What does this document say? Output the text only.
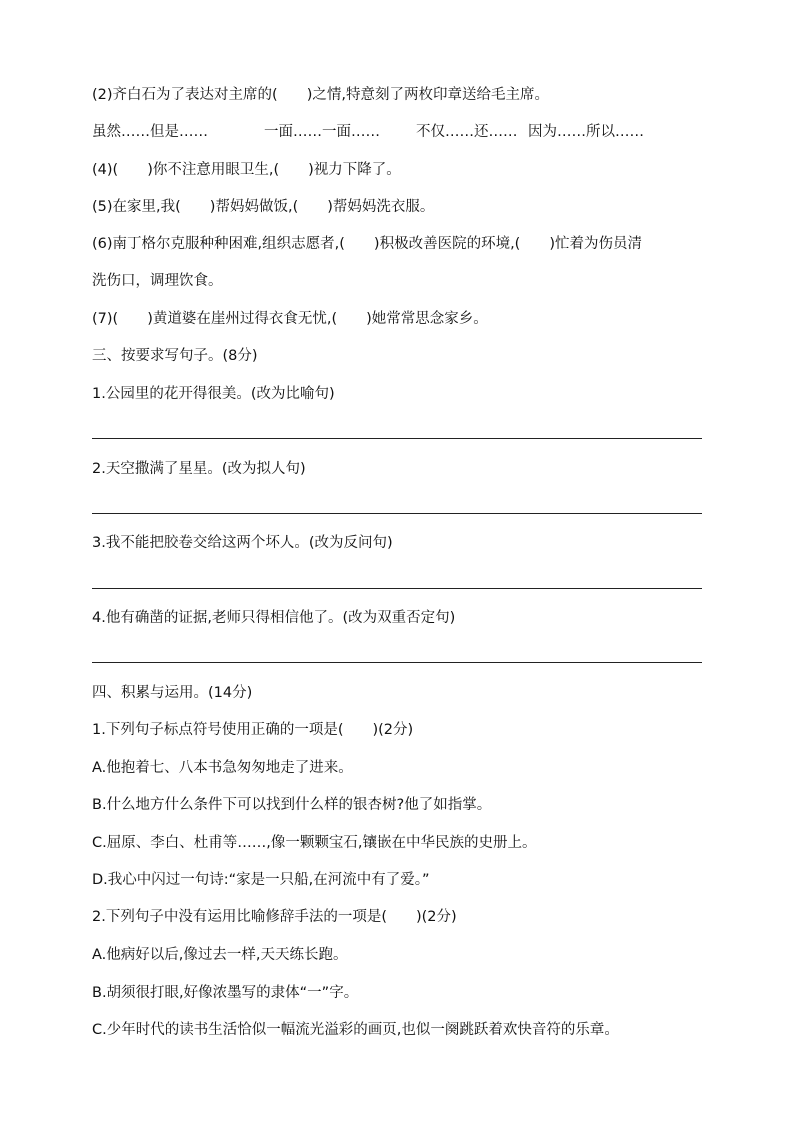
(2)齐白石为了表达对主席的(　　)之情,特意刻了两枚印章送给毛主席。
虽然……但是……	一面……一面…… 不仅……还…… 因为……所以……
(4)(　　)你不注意用眼卫生,(　　)视力下降了。
(5)在家里,我(　　)帮妈妈做饭,(　　)帮妈妈洗衣服。
(6)南丁格尔克服种种困难,组织志愿者,(　　)积极改善医院的环境,(　　)忙着为伤员清
洗伤口，调理饮食。
(7)(　　)黄道婆在崖州过得衣食无忧,(　　)她常常思念家乡。
三、按要求写句子。(8分)
1.公园里的花开得很美。(改为比喻句)
2.天空撒满了星星。(改为拟人句)
3.我不能把胶卷交给这两个坏人。(改为反问句)
4.他有确凿的证据,老师只得相信他了。(改为双重否定句)
四、积累与运用。(14分)
1.下列句子标点符号使用正确的一项是(　　)(2分)
A.他抱着七、八本书急匆匆地走了进来。
B.什么地方什么条件下可以找到什么样的银杏树?他了如指掌。
C.屈原、李白、杜甫等……,像一颗颗宝石,镶嵌在中华民族的史册上。
D.我心中闪过一句诗:“家是一只船,在河流中有了爱。”
2.下列句子中没有运用比喻修辞手法的一项是(　　)(2分)
A.他病好以后,像过去一样,天天练长跑。
B.胡须很打眼,好像浓墨写的隶体“一”字。
C.少年时代的读书生活恰似一幅流光溢彩的画页,也似一阕跳跃着欢快音符的乐章。
